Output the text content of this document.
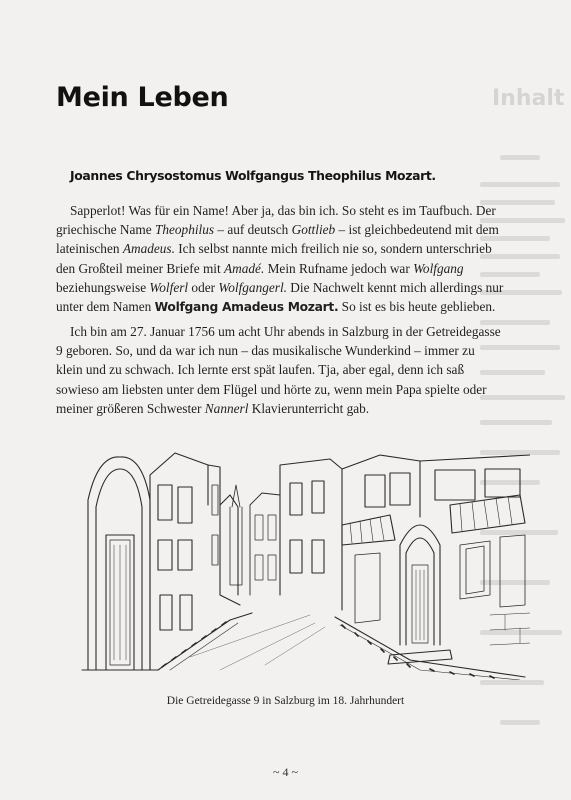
Inhalt
Mein Leben
Joannes Chrysostomus Wolfgangus Theophilus Mozart.

Sapperlot! Was für ein Name! Aber ja, das bin ich. So steht es im Taufbuch. Der griechische Name Theophilus – auf deutsch Gottlieb – ist gleichbedeutend mit dem lateinischen Amadeus. Ich selbst nannte mich freilich nie so, sondern unterschrieb den Großteil meiner Briefe mit Amadé. Mein Rufname jedoch war Wolfgang beziehungsweise Wolferl oder Wolfgangerl. Die Nachwelt kennt mich allerdings nur unter dem Namen Wolfgang Amadeus Mozart. So ist es bis heute geblieben.

Ich bin am 27. Januar 1756 um acht Uhr abends in Salzburg in der Getreidegasse 9 geboren. So, und da war ich nun – das musikalische Wunderkind – immer zu klein und zu schwach. Ich lernte erst spät laufen. Tja, aber egal, denn ich saß sowieso am liebsten unter dem Flügel und hörte zu, wenn mein Papa spielte oder meiner größeren Schwester Nannerl Klavierunterricht gab.

Die Getreidegasse 9 in Salzburg im 18. Jahrhundert

~ 4 ~
